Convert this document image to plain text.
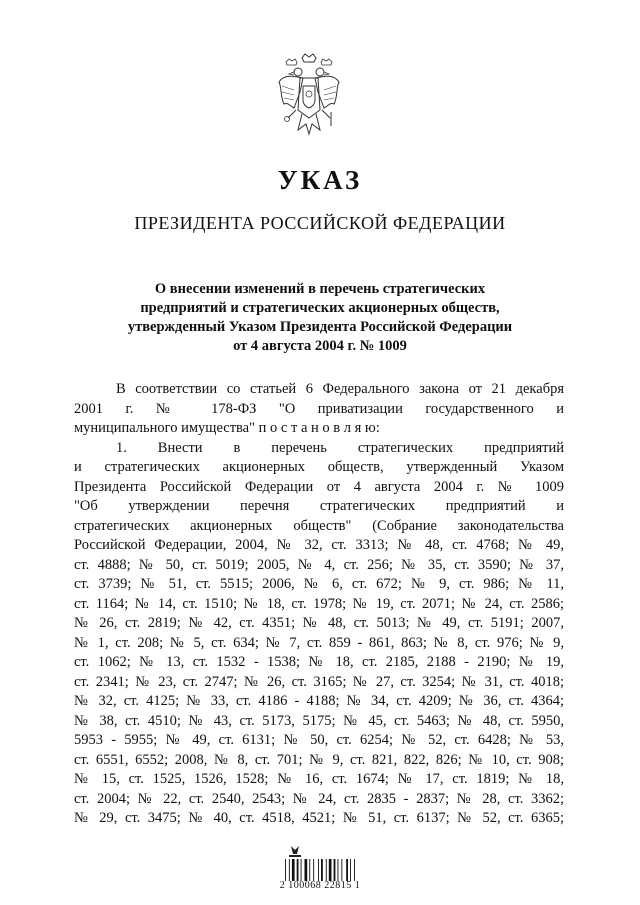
УКАЗ
ПРЕЗИДЕНТА РОССИЙСКОЙ ФЕДЕРАЦИИ
О внесении изменений в перечень стратегических
предприятий и стратегических акционерных обществ,
утвержденный Указом Президента Российской Федерации
от 4 августа 2004 г. № 1009
В соответствии со статьей 6 Федерального закона от 21 декабря
2001 г. № 178-ФЗ "О приватизации государственного и
муниципального имущества" п о с т а н о в л я ю:
1. Внести в перечень стратегических предприятий
и стратегических акционерных обществ, утвержденный Указом
Президента Российской Федерации от 4 августа 2004 г. № 1009
"Об утверждении перечня стратегических предприятий и
стратегических акционерных обществ" (Собрание законодательства
Российской Федерации, 2004, № 32, ст. 3313; № 48, ст. 4768; № 49,
ст. 4888; № 50, ст. 5019; 2005, № 4, ст. 256; № 35, ст. 3590; № 37,
ст. 3739; № 51, ст. 5515; 2006, № 6, ст. 672; № 9, ст. 986; № 11,
ст. 1164; № 14, ст. 1510; № 18, ст. 1978; № 19, ст. 2071; № 24, ст. 2586;
№ 26, ст. 2819; № 42, ст. 4351; № 48, ст. 5013; № 49, ст. 5191; 2007,
№ 1, ст. 208; № 5, ст. 634; № 7, ст. 859 - 861, 863; № 8, ст. 976; № 9,
ст. 1062; № 13, ст. 1532 - 1538; № 18, ст. 2185, 2188 - 2190; № 19,
ст. 2341; № 23, ст. 2747; № 26, ст. 3165; № 27, ст. 3254; № 31, ст. 4018;
№ 32, ст. 4125; № 33, ст. 4186 - 4188; № 34, ст. 4209; № 36, ст. 4364;
№ 38, ст. 4510; № 43, ст. 5173, 5175; № 45, ст. 5463; № 48, ст. 5950,
5953 - 5955; № 49, ст. 6131; № 50, ст. 6254; № 52, ст. 6428; № 53,
ст. 6551, 6552; 2008, № 8, ст. 701; № 9, ст. 821, 822, 826; № 10, ст. 908;
№ 15, ст. 1525, 1526, 1528; № 16, ст. 1674; № 17, ст. 1819; № 18,
ст. 2004; № 22, ст. 2540, 2543; № 24, ст. 2835 - 2837; № 28, ст. 3362;
№ 29, ст. 3475; № 40, ст. 4518, 4521; № 51, ст. 6137; № 52, ст. 6365;
2 100068 22815 1
